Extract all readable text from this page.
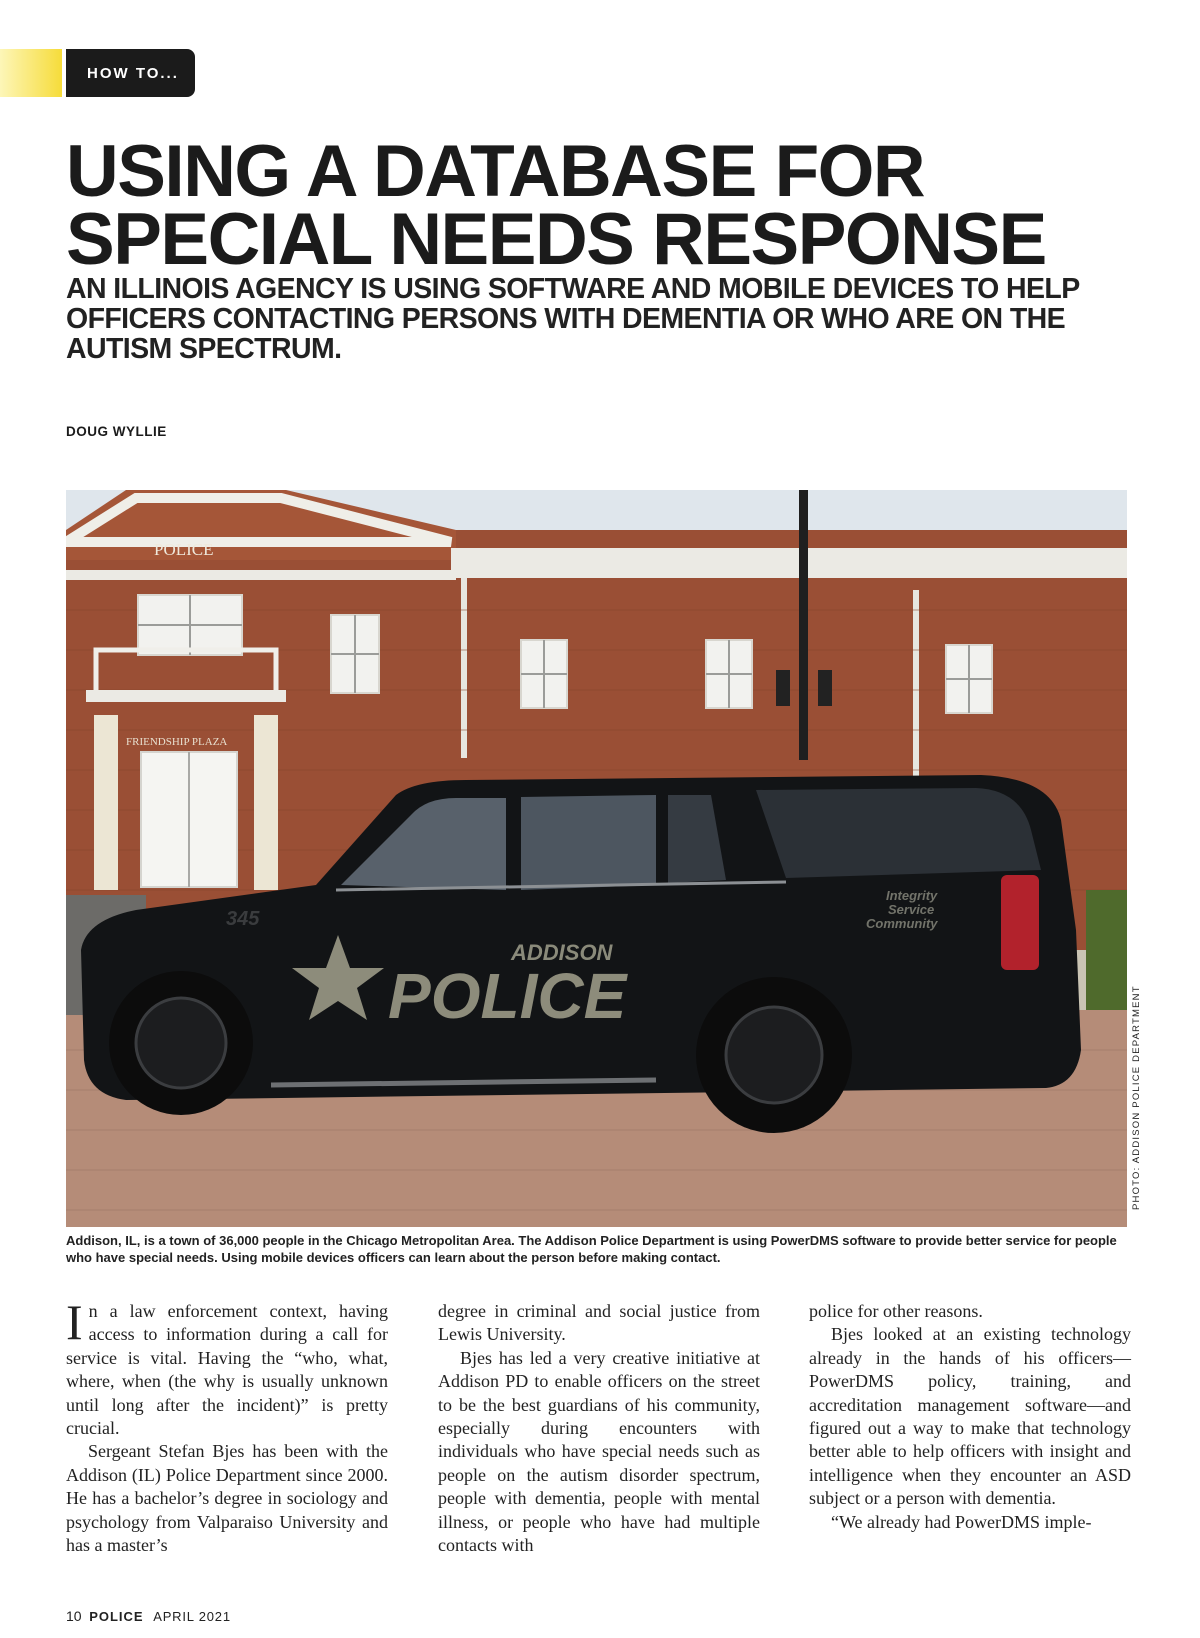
HOW TO...
USING A DATABASE FOR
SPECIAL NEEDS RESPONSE
AN ILLINOIS AGENCY IS USING SOFTWARE AND MOBILE DEVICES TO HELP OFFICERS CONTACTING PERSONS WITH DEMENTIA OR WHO ARE ON THE AUTISM SPECTRUM.
DOUG WYLLIE
POLICE
FRIENDSHIP PLAZA
345
ADDISON
POLICE
Integrity
Service
Community
PHOTO: ADDISON POLICE DEPARTMENT
Addison, IL, is a town of 36,000 people in the Chicago Metropolitan Area. The Addison Police Department is using PowerDMS software to provide better service for people who have special needs. Using mobile devices officers can learn about the person before making contact.

In a law enforcement context, having access to information during a call for service is vital. Having the “who, what, where, when (the why is usually unknown until long after the incident)” is pretty crucial.

Sergeant Stefan Bjes has been with the Addison (IL) Police Department since 2000. He has a bachelor’s degree in sociology and psychology from Valparaiso University and has a master’s

degree in criminal and social justice from Lewis University.

Bjes has led a very creative initiative at Addison PD to enable officers on the street to be the best guardians of his community, especially during encounters with individuals who have special needs such as people on the autism disorder spectrum, people with dementia, people with mental illness, or people who have had multiple contacts with

police for other reasons.

Bjes looked at an existing technology already in the hands of his officers—PowerDMS policy, training, and accreditation management software—and figured out a way to make that technology better able to help officers with insight and intelligence when they encounter an ASD subject or a person with dementia.

“We already had PowerDMS imple-

10 POLICE APRIL 2021
